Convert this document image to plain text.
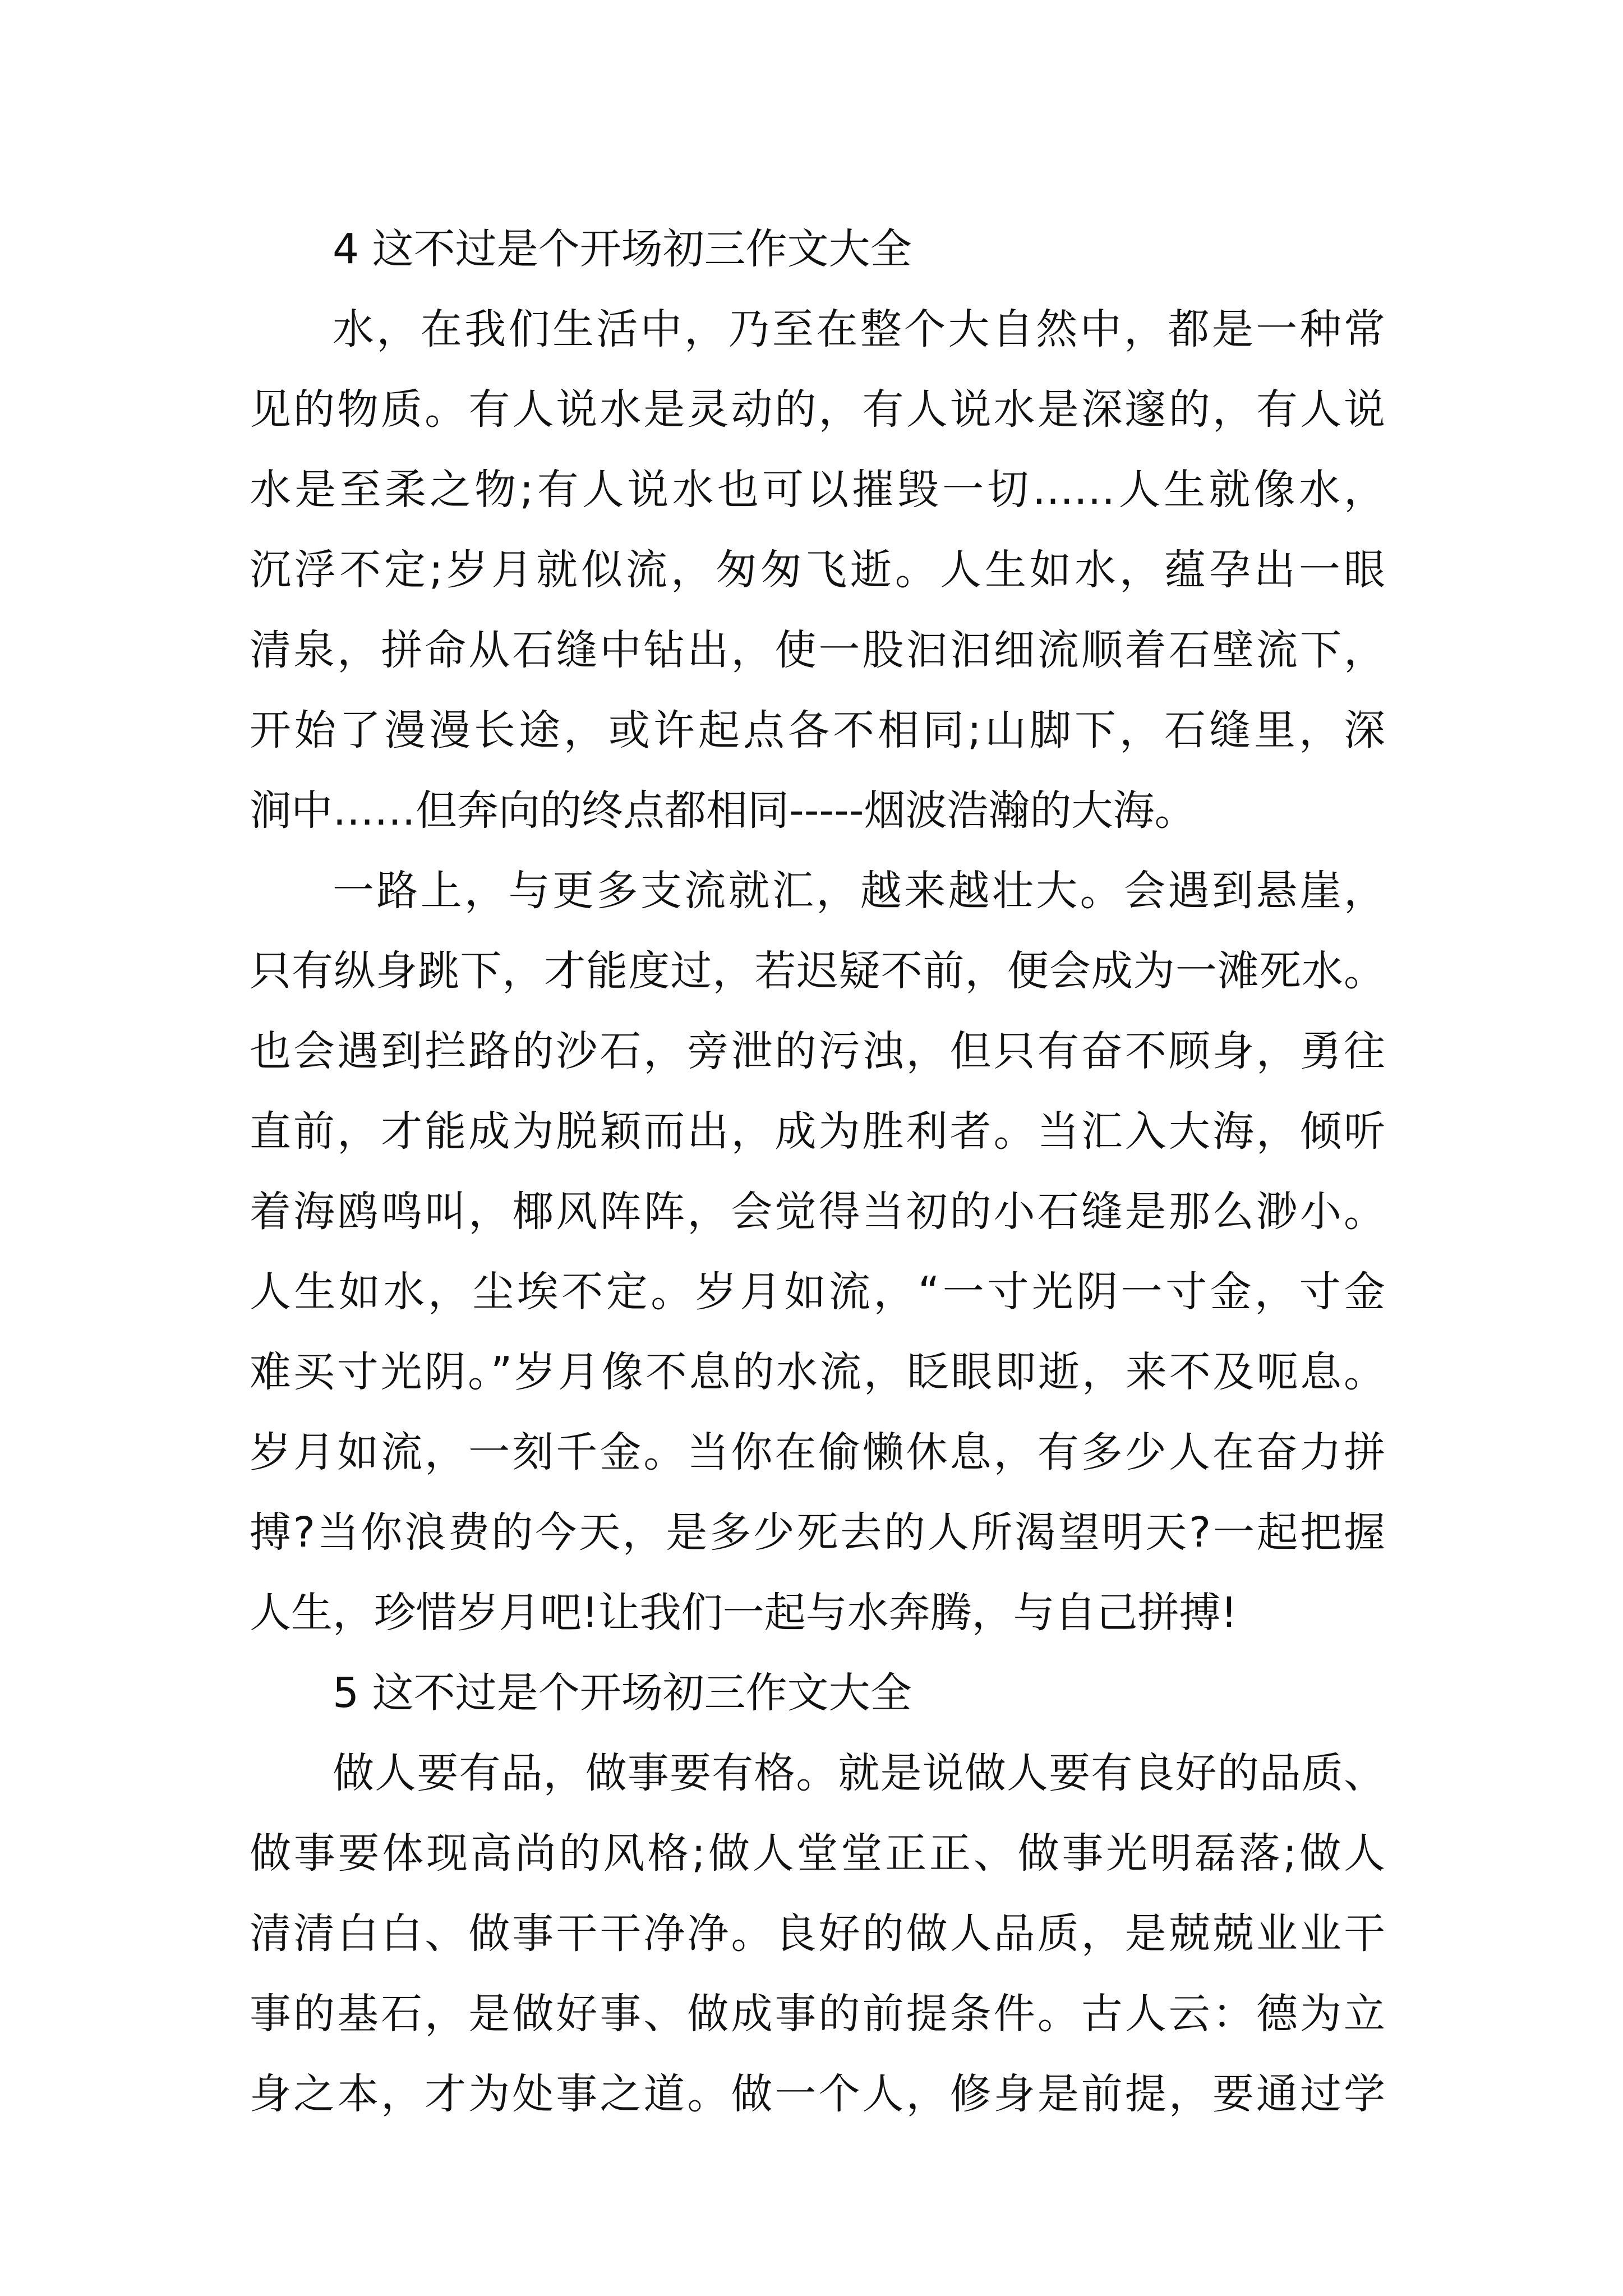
4 这不过是个开场初三作文大全
水，在我们生活中，乃至在整个大自然中，都是一种常
见的物质。有人说水是灵动的，有人说水是深邃的，有人说
水是至柔之物;有人说水也可以摧毁一切……人生就像水，
沉浮不定;岁月就似流，匆匆飞逝。人生如水，蕴孕出一眼
清泉，拼命从石缝中钻出，使一股汩汩细流顺着石壁流下，
开始了漫漫长途，或许起点各不相同;山脚下，石缝里，深
涧中……但奔向的终点都相同-----烟波浩瀚的大海。
一路上，与更多支流就汇，越来越壮大。会遇到悬崖，
只有纵身跳下，才能度过，若迟疑不前，便会成为一滩死水。
也会遇到拦路的沙石，旁泄的污浊，但只有奋不顾身，勇往
直前，才能成为脱颖而出，成为胜利者。当汇入大海，倾听
着海鸥鸣叫，椰风阵阵，会觉得当初的小石缝是那么渺小。
人生如水，尘埃不定。岁月如流，“一寸光阴一寸金，寸金
难买寸光阴。”岁月像不息的水流，眨眼即逝，来不及呃息。
岁月如流，一刻千金。当你在偷懒休息，有多少人在奋力拼
搏?当你浪费的今天，是多少死去的人所渴望明天?一起把握
人生，珍惜岁月吧!让我们一起与水奔腾，与自己拼搏!
5 这不过是个开场初三作文大全
做人要有品，做事要有格。就是说做人要有良好的品质、
做事要体现高尚的风格;做人堂堂正正、做事光明磊落;做人
清清白白、做事干干净净。良好的做人品质，是兢兢业业干
事的基石，是做好事、做成事的前提条件。古人云：德为立
身之本，才为处事之道。做一个人，修身是前提，要通过学
